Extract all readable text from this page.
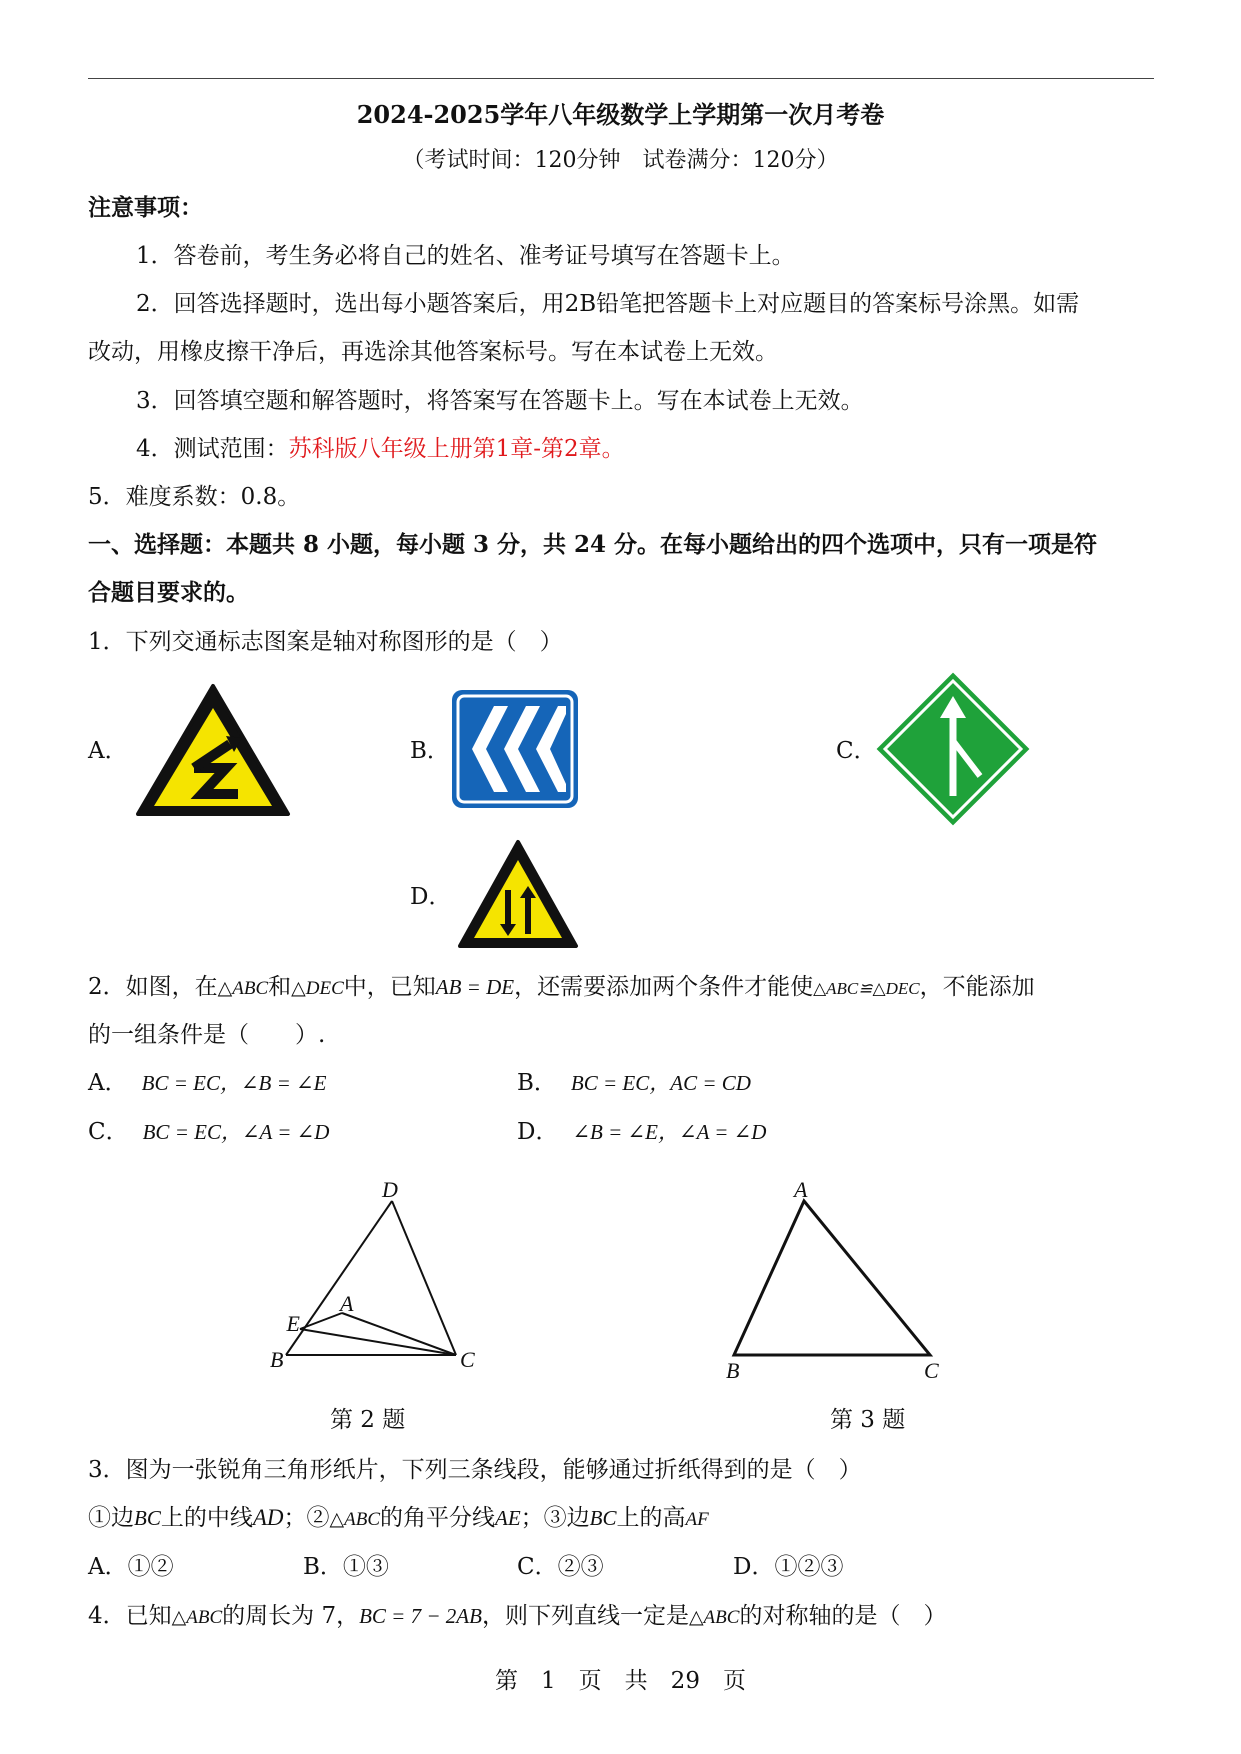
2024-2025学年八年级数学上学期第一次月考卷
（考试时间：120分钟　试卷满分：120分）
注意事项：
1．答卷前，考生务必将自己的姓名、准考证号填写在答题卡上。
2．回答选择题时，选出每小题答案后，用2B铅笔把答题卡上对应题目的答案标号涂黑。如需
改动，用橡皮擦干净后，再选涂其他答案标号。写在本试卷上无效。
3．回答填空题和解答题时，将答案写在答题卡上。写在本试卷上无效。
4．测试范围：苏科版八年级上册第1章-第2章。
5．难度系数：0.8。
一、选择题：本题共 8 小题，每小题 3 分，共 24 分。在每小题给出的四个选项中，只有一项是符
合题目要求的。
1．下列交通标志图案是轴对称图形的是（　）
A．	B．	C．
D．
2．如图，在△ABC和△DEC中，已知AB = DE，还需要添加两个条件才能使△ABC≌△DEC，不能添加
的一组条件是（　　）.
A． BC = EC，∠B = ∠E	B． BC = EC，AC = CD
C． BC = EC，∠A = ∠D	D． ∠B = ∠E，∠A = ∠D
D
E
A
B	C
A
B	C
第 2 题	第 3 题
3．图为一张锐角三角形纸片，下列三条线段，能够通过折纸得到的是（　）
①边BC上的中线AD；②△ABC的角平分线AE；③边BC上的高AF
A．①②	B．①③	C．②③	D．①②③
4．已知△ABC的周长为 7，BC = 7 − 2AB，则下列直线一定是△ABC的对称轴的是（　）
第　1　页　共　29　页
